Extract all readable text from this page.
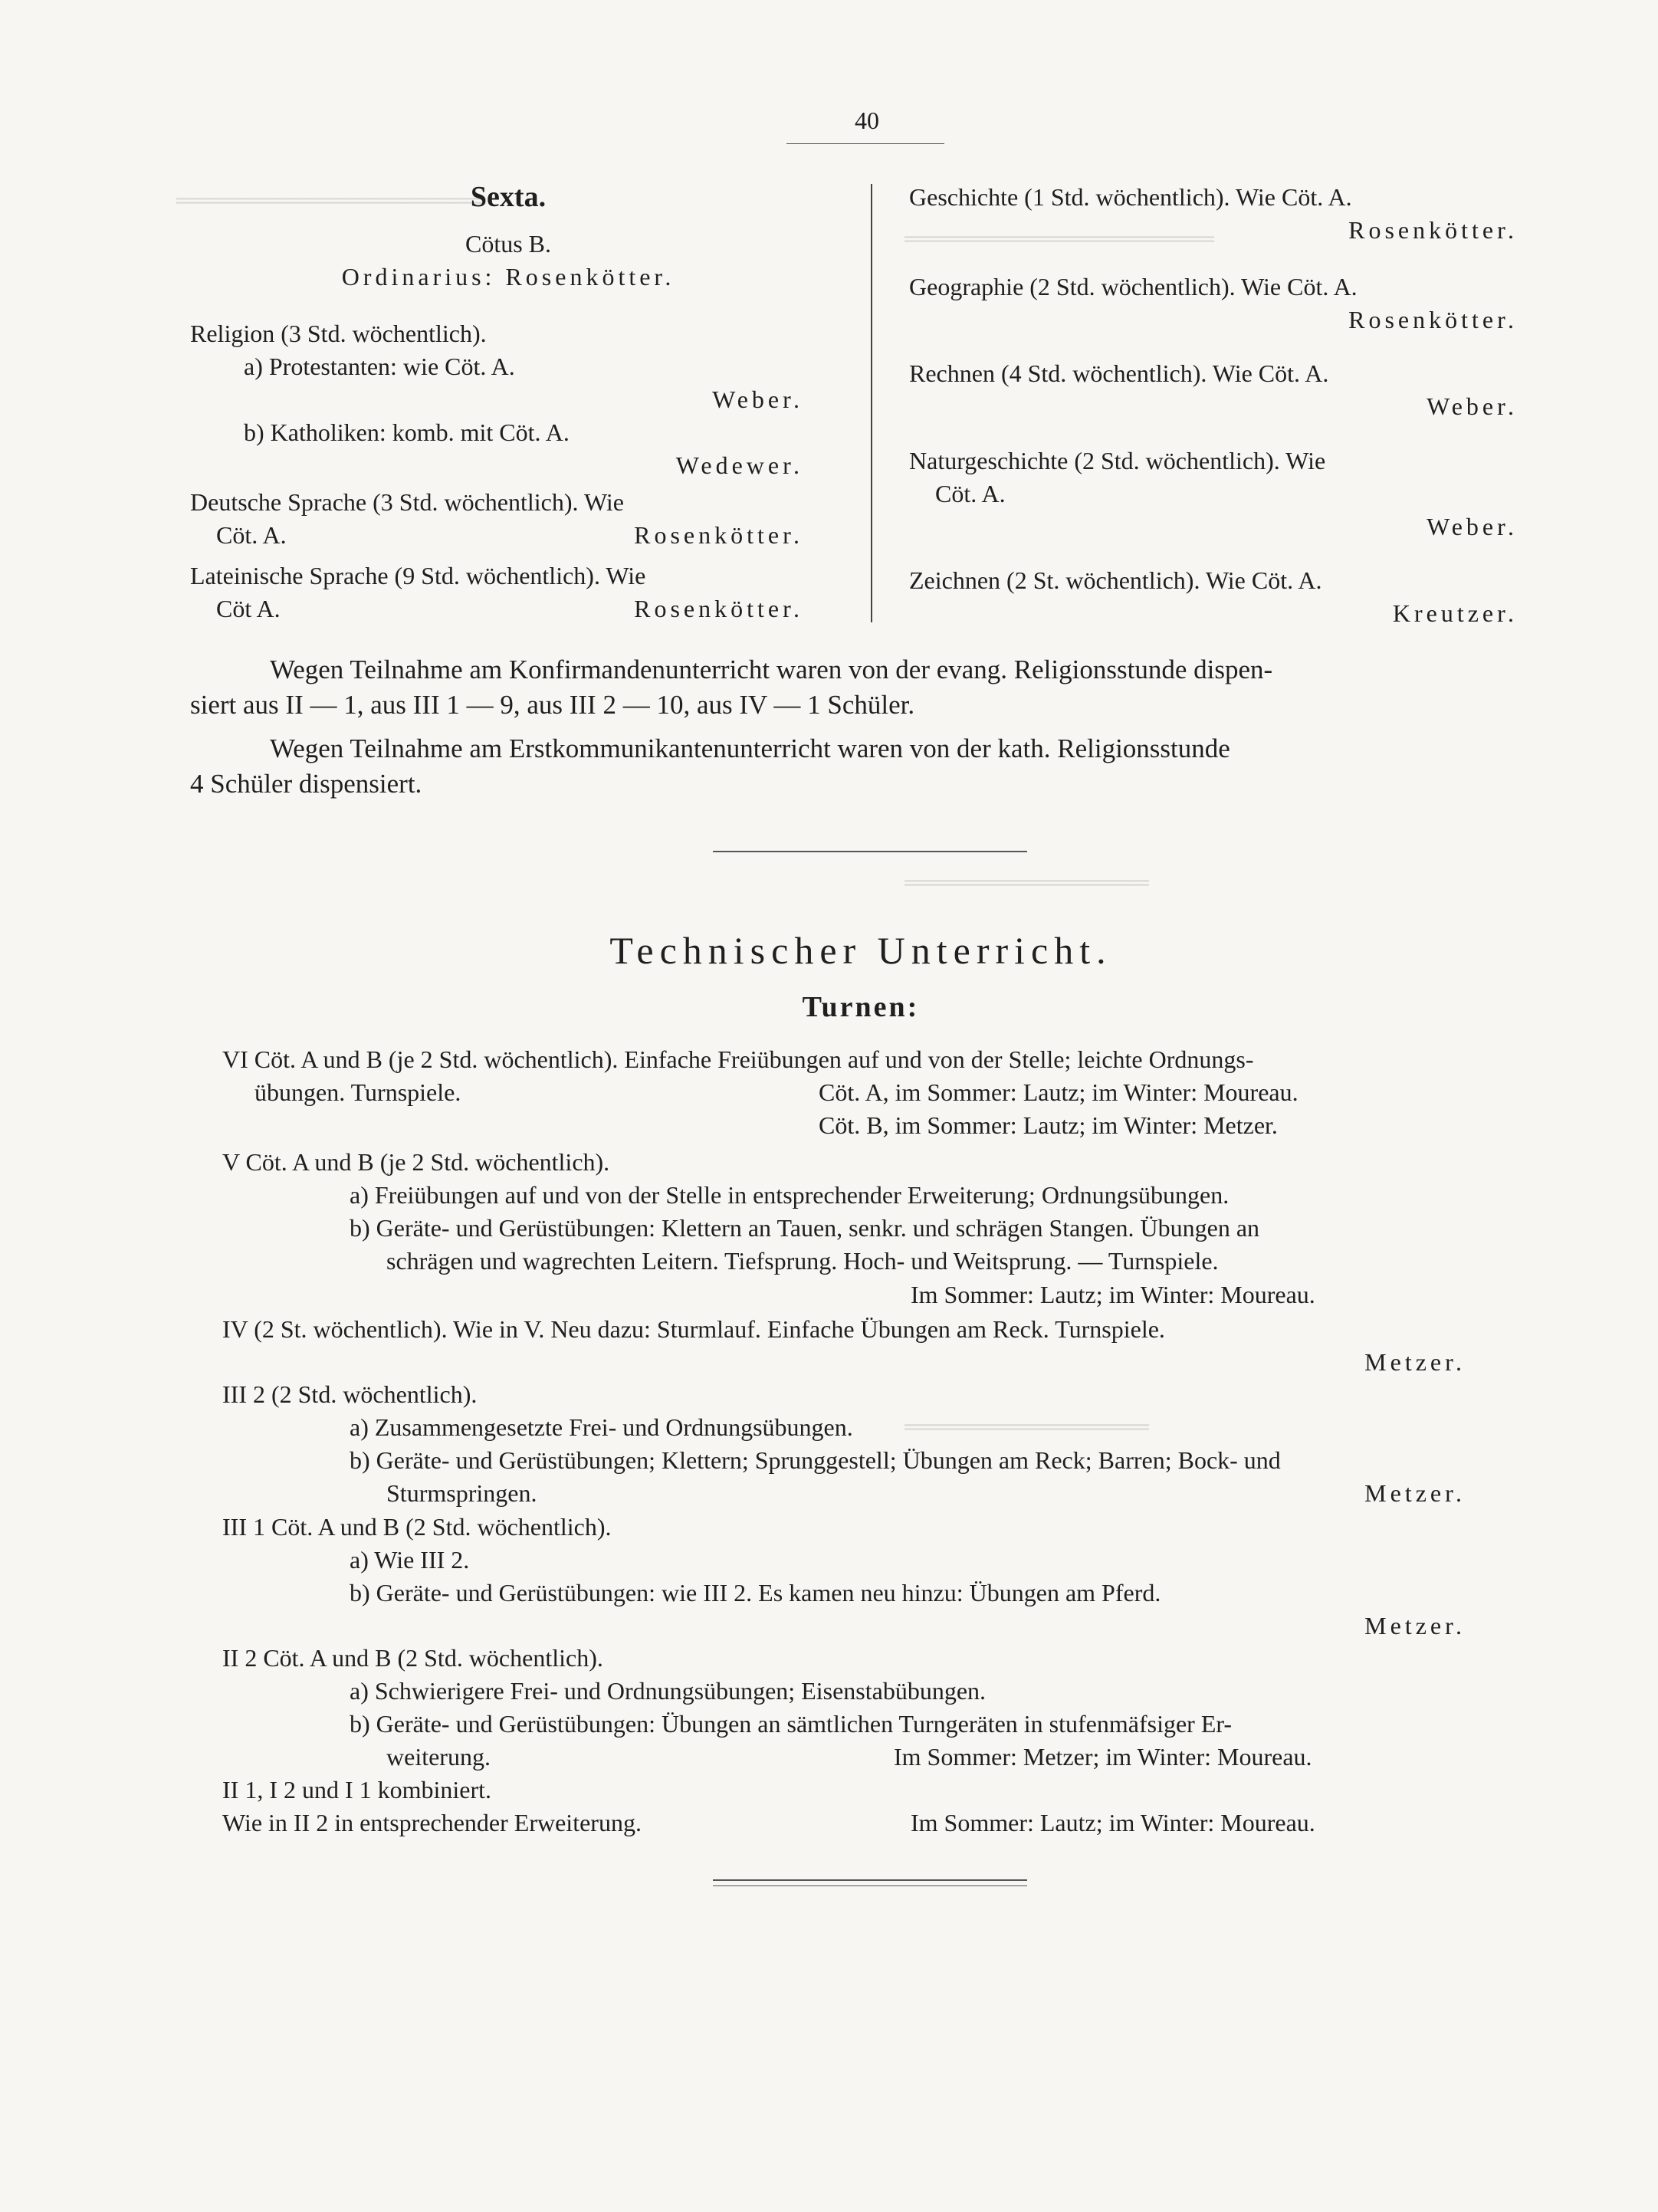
═══════════════════
═══════════════════
═══════════════
═══════════════
40
Sexta.
Cötus B.
Ordinarius: Rosenkötter.
Religion (3 Std. wöchentlich).
a) Protestanten: wie Cöt. A.
Weber.
b) Katholiken: komb. mit Cöt. A.
Wedewer.
Deutsche Sprache (3 Std. wöchentlich). Wie
Cöt. A.	Rosenkötter.
Lateinische Sprache (9 Std. wöchentlich). Wie
Cöt A.	Rosenkötter.
Geschichte (1 Std. wöchentlich). Wie Cöt. A.
Rosenkötter.
Geographie (2 Std. wöchentlich). Wie Cöt. A.
Rosenkötter.
Rechnen (4 Std. wöchentlich). Wie Cöt. A.
Weber.
Naturgeschichte (2 Std. wöchentlich). Wie
Cöt. A.
Weber.
Zeichnen (2 St. wöchentlich). Wie Cöt. A.
Kreutzer.
Wegen Teilnahme am Konfirmandenunterricht waren von der evang. Religionsstunde dispen-
siert aus II — 1, aus III 1 — 9, aus III 2 — 10, aus IV — 1 Schüler.
Wegen Teilnahme am Erstkommunikantenunterricht waren von der kath. Religionsstunde
4 Schüler dispensiert.
Technischer Unterricht.
Turnen:
VI Cöt. A und B (je 2 Std. wöchentlich). Einfache Freiübungen auf und von der Stelle; leichte Ordnungs-
übungen. Turnspiele.	Cöt. A, im Sommer: Lautz; im Winter: Moureau.
Cöt. B, im Sommer: Lautz; im Winter: Metzer.
V Cöt. A und B (je 2 Std. wöchentlich).
a) Freiübungen auf und von der Stelle in entsprechender Erweiterung; Ordnungsübungen.
b) Geräte- und Gerüstübungen: Klettern an Tauen, senkr. und schrägen Stangen. Übungen an
schrägen und wagrechten Leitern. Tiefsprung. Hoch- und Weitsprung. — Turnspiele.
Im Sommer: Lautz; im Winter: Moureau.
IV (2 St. wöchentlich). Wie in V. Neu dazu: Sturmlauf. Einfache Übungen am Reck. Turnspiele.
Metzer.
III 2 (2 Std. wöchentlich).
a) Zusammengesetzte Frei- und Ordnungsübungen.
b) Geräte- und Gerüstübungen; Klettern; Sprunggestell; Übungen am Reck; Barren; Bock- und
Sturmspringen.	Metzer.
III 1 Cöt. A und B (2 Std. wöchentlich).
a) Wie III 2.
b) Geräte- und Gerüstübungen: wie III 2. Es kamen neu hinzu: Übungen am Pferd.
Metzer.
II 2 Cöt. A und B (2 Std. wöchentlich).
a) Schwierigere Frei- und Ordnungsübungen; Eisenstabübungen.
b) Geräte- und Gerüstübungen: Übungen an sämtlichen Turngeräten in stufenmäfsiger Er-
weiterung.	Im Sommer: Metzer; im Winter: Moureau.
II 1, I 2 und I 1 kombiniert.
Wie in II 2 in entsprechender Erweiterung.	Im Sommer: Lautz; im Winter: Moureau.
